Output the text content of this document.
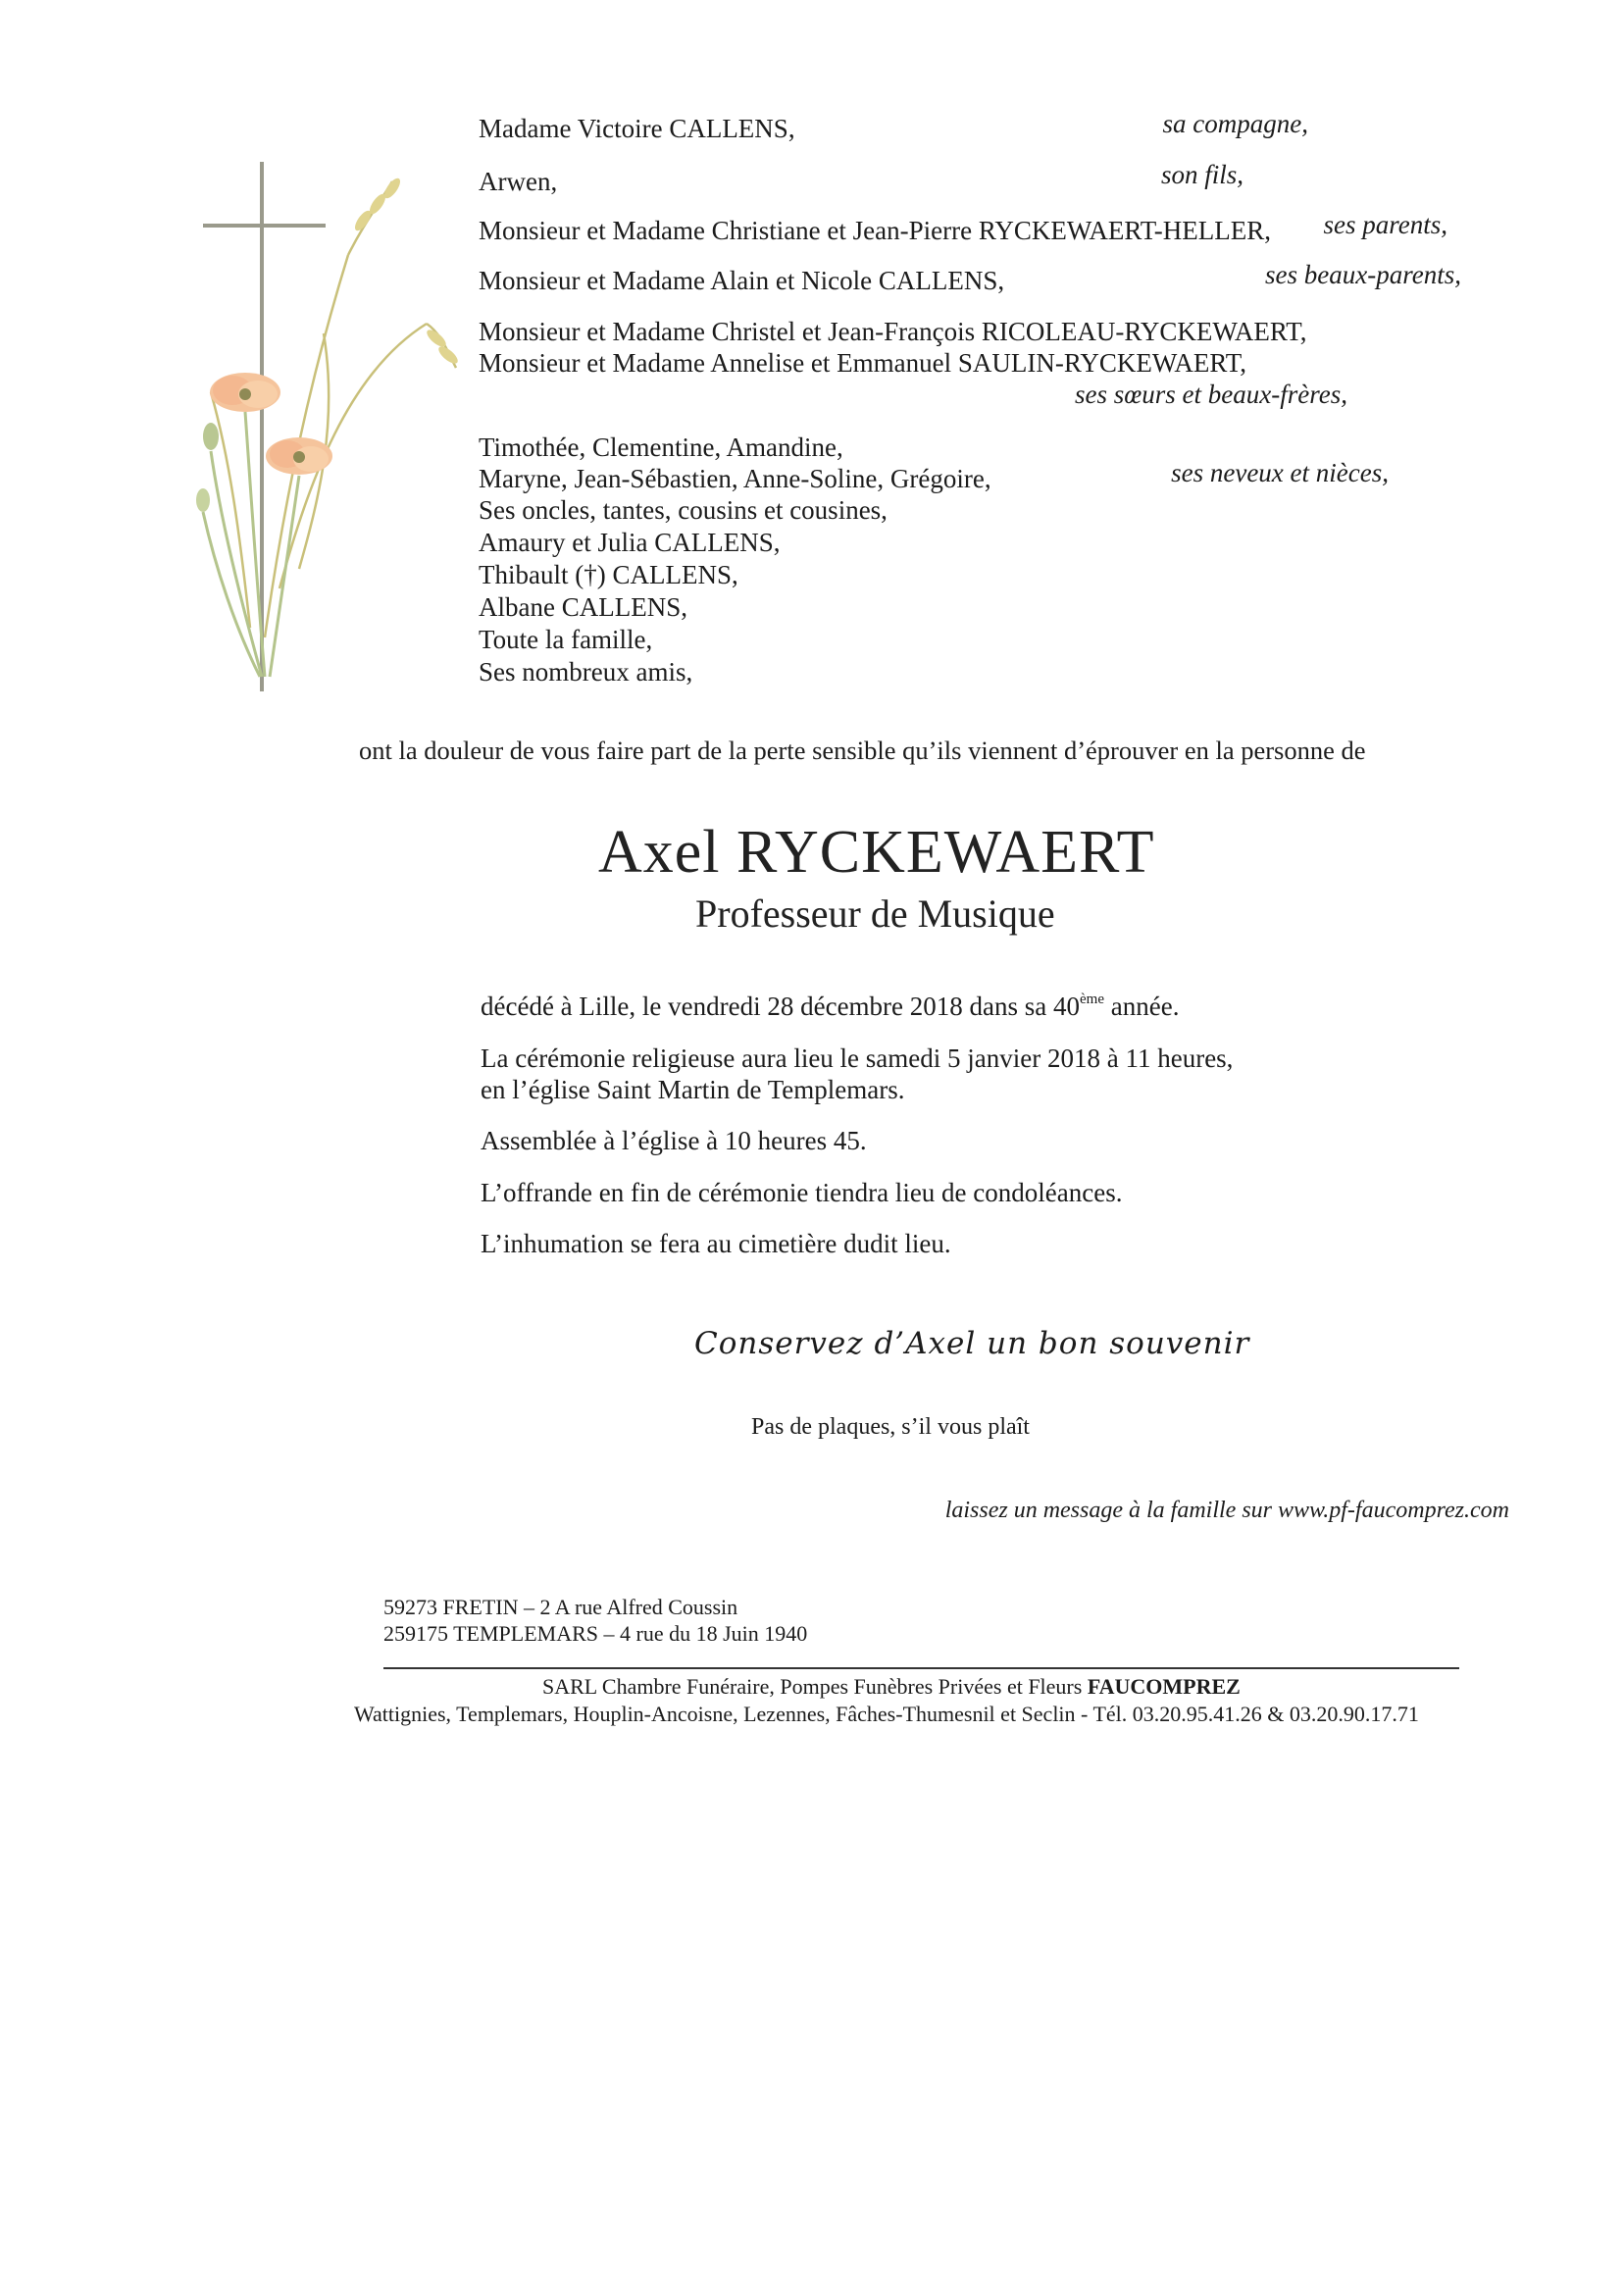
Madame Victoire CALLENS,	sa compagne,
Arwen,	son fils,
Monsieur et Madame Christiane et Jean-Pierre RYCKEWAERT-HELLER, ses parents,
Monsieur et Madame Alain et Nicole CALLENS,	ses beaux-parents,
Monsieur et Madame Christel et Jean-François RICOLEAU-RYCKEWAERT,
Monsieur et Madame Annelise et Emmanuel SAULIN-RYCKEWAERT,
ses sœurs et beaux-frères,
Timothée, Clementine, Amandine,
Maryne, Jean-Sébastien, Anne-Soline, Grégoire,	ses neveux et nièces,
Ses oncles, tantes, cousins et cousines,
Amaury et Julia CALLENS,
Thibault (†) CALLENS,
Albane CALLENS,
Toute la famille,
Ses nombreux amis,
ont la douleur de vous faire part de la perte sensible qu’ils viennent d’éprouver en la personne de
Axel RYCKEWAERT
Professeur de Musique
décédé à Lille, le vendredi 28 décembre 2018 dans sa 40ème année.
La cérémonie religieuse aura lieu le samedi 5 janvier 2018 à 11 heures,
en l’église Saint Martin de Templemars.
Assemblée à l’église à 10 heures 45.
L’offrande en fin de cérémonie tiendra lieu de condoléances.
L’inhumation se fera au cimetière dudit lieu.
Conservez d’Axel un bon souvenir
Pas de plaques, s’il vous plaît
laissez un message à la famille sur www.pf-faucomprez.com
59273 FRETIN – 2 A rue Alfred Coussin
259175 TEMPLEMARS – 4 rue du 18 Juin 1940
SARL Chambre Funéraire, Pompes Funèbres Privées et Fleurs FAUCOMPREZ
Wattignies, Templemars, Houplin-Ancoisne, Lezennes, Fâches-Thumesnil et Seclin - Tél. 03.20.95.41.26 & 03.20.90.17.71
